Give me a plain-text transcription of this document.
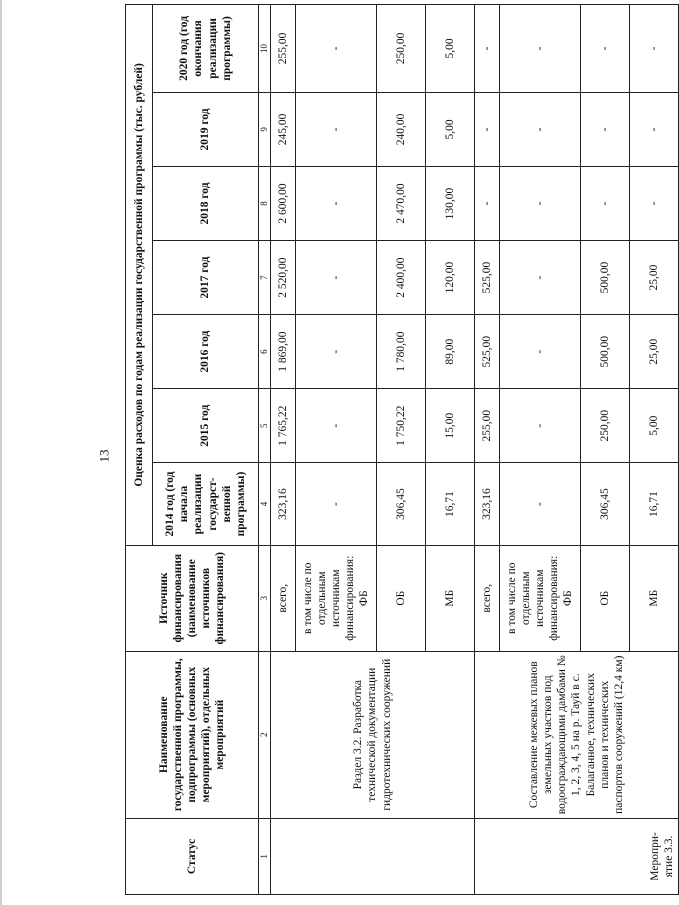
13
Статус	Наименование государственной программы, подпрограммы (основных мероприятий), отдельных мероприятий	Источник финансирования (наименование источников финансирования)	Оценка расходов по годам реализации государственной программы (тыс. рублей)						
			2014 год (год начала реализации государст-венной программы)	2015 год	2016 год	2017 год	2018 год	2019 год	2020 год (год окончания реализации программы)
1	2	3	4	5	6	7	8	9	10
	Раздел 3.2. Разработка технической документации гидротехнических сооружений	всего,	323,16	1 765,22	1 869,00	2 520,00	2 600,00	245,00	255,00
		в том числе по отдельным источникам финансирования: ФБ	-	-	-	-	-	-	-
		ОБ	306,45	1 750,22	1 780,00	2 400,00	2 470,00	240,00	250,00
		МБ	16,71	15,00	89,00	120,00	130,00	5,00	5,00
Меропри-ятие 3.3.	Составление межевых планов земельных участков под водоограждающими дамбами № 1, 2, 3, 4, 5 на р. Тауй в с. Балаганное, технических планов и технических паспортов сооружений (12,4 км)	всего,	323,16	255,00	525,00	525,00	-	-	-
		в том числе по отдельным источникам финансирования: ФБ	-	-	-	-	-	-	-
		ОБ	306,45	250,00	500,00	500,00	-	-	-
		МБ	16,71	5,00	25,00	25,00	-	-	-
